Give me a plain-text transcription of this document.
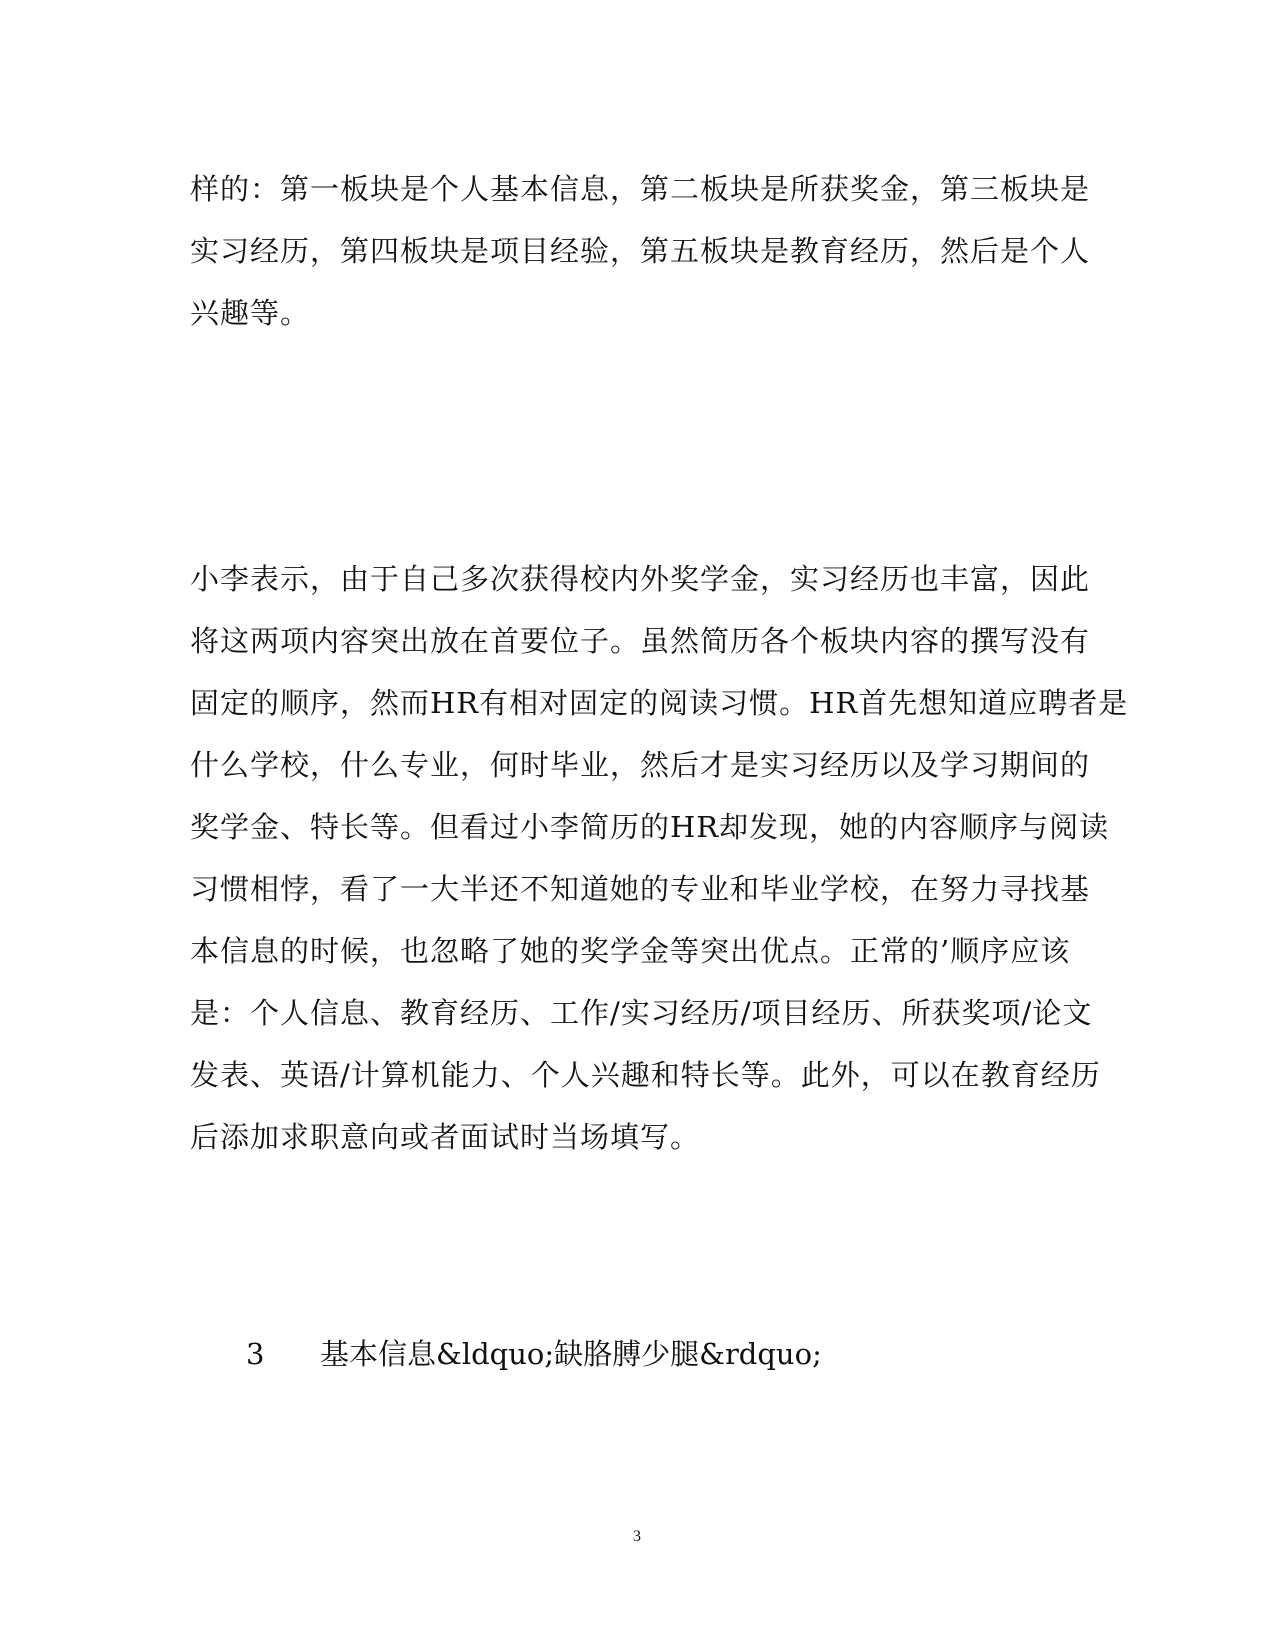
样的：第一板块是个人基本信息，第二板块是所获奖金，第三板块是
实习经历，第四板块是项目经验，第五板块是教育经历，然后是个人
兴趣等。
小李表示，由于自己多次获得校内外奖学金，实习经历也丰富，因此
将这两项内容突出放在首要位子。虽然简历各个板块内容的撰写没有
固定的顺序，然而HR有相对固定的阅读习惯。HR首先想知道应聘者是
什么学校，什么专业，何时毕业，然后才是实习经历以及学习期间的
奖学金、特长等。但看过小李简历的HR却发现，她的内容顺序与阅读
习惯相悖，看了一大半还不知道她的专业和毕业学校，在努力寻找基
本信息的时候，也忽略了她的奖学金等突出优点。正常的’顺序应该
是：个人信息、教育经历、工作/实习经历/项目经历、所获奖项/论文
发表、英语/计算机能力、个人兴趣和特长等。此外，可以在教育经历
后添加求职意向或者面试时当场填写。
3 基本信息&ldquo;缺胳膊少腿&rdquo;
3
